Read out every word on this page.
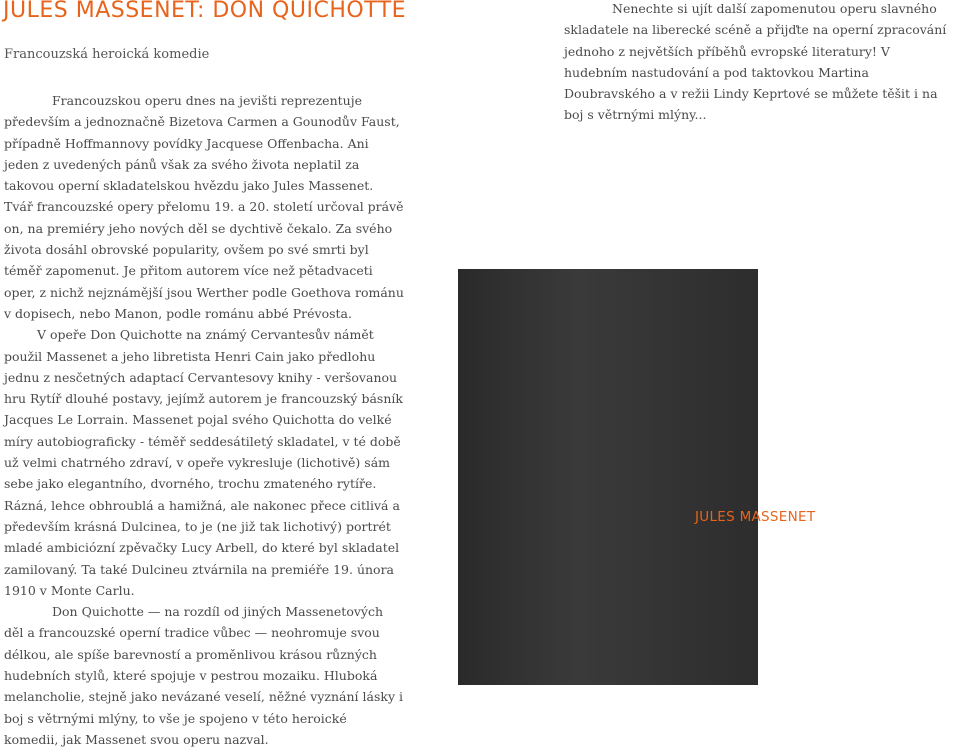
JULES MASSENET: DON QUICHOTTE

Francouzská heroická komedie

Francouzskou operu dnes na jevišti reprezentuje především a jednoznačně Bizetova Carmen a Gounodův Faust, případně Hoffmannovy povídky Jacquese Offenbacha. Ani jeden z uvedených pánů však za svého života neplatil za takovou operní skladatelskou hvězdu jako Jules Massenet. Tvář francouzské opery přelomu 19. a 20. století určoval právě on, na premiéry jeho nových děl se dychtivě čekalo. Za svého života dosáhl obrovské popularity, ovšem po své smrti byl téměř zapomenut. Je přitom autorem více než pětadvaceti oper, z nichž nejznámější jsou Werther podle Goethova románu v dopisech, nebo Manon, podle románu abbé Prévosta.

V opeře Don Quichotte na známý Cervantesův námět použil Massenet a jeho libretista Henri Cain jako předlohu jednu z nesčetných adaptací Cervantesovy knihy - veršovanou hru Rytíř dlouhé postavy, jejímž autorem je francouzský básník Jacques Le Lorrain. Massenet pojal svého Quichotta do velké míry autobiograficky - téměř seddesátiletý skladatel, v té době už velmi chatrného zdraví, v opeře vykresluje (lichotivě) sám sebe jako elegantního, dvorného, trochu zmateného rytíře. Rázná, lehce obhroublá a hamižná, ale nakonec přece citlivá a především krásná Dulcinea, to je (ne již tak lichotivý) portrét mladé ambiciózní zpěvačky Lucy Arbell, do které byl skladatel zamilovaný. Ta také Dulcineu ztvárnila na premiéře 19. února 1910 v Monte Carlu.

Don Quichotte — na rozdíl od jiných Massenetových děl a francouzské operní tradice vůbec — neohromuje svou délkou, ale spíše barevností a proměnlivou krásou různých hudebních stylů, které spojuje v pestrou mozaiku. Hluboká melancholie, stejně jako nevázané veselí, něžné vyznání lásky i boj s větrnými mlýny, to vše je spojeno v této heroické komedii, jak Massenet svou operu nazval.

Nenechte si ujít další zapomenutou operu slavného skladatele na liberecké scéně a přijďte na operní zpracování jednoho z největších příběhů evropské literatury! V hudebním nastudování a pod taktovkou Martina Doubravského a v režii Lindy Keprtové se můžete těšit i na boj s větrnými mlýny...

JULES MASSENET
